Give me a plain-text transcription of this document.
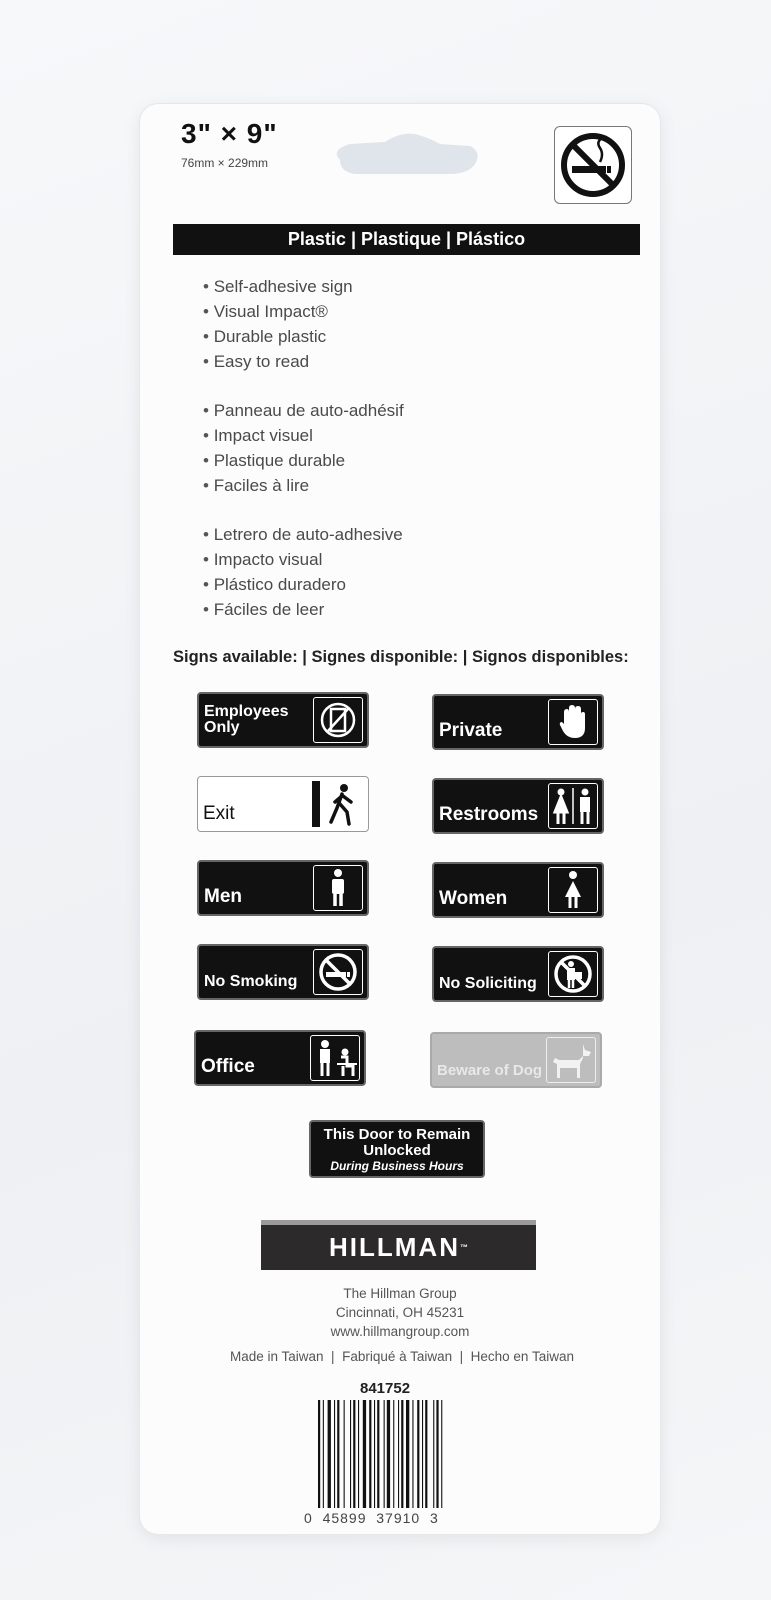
3" × 9"
76mm × 229mm
Plastic | Plastique | Plástico
• Self-adhesive sign
• Visual Impact®
• Durable plastic
• Easy to read
• Panneau de auto-adhésif
• Impact visuel
• Plastique durable
• Faciles à lire
• Letrero de auto-adhesive
• Impacto visual
• Plástico duradero
• Fáciles de leer
Signs available: | Signes disponible: | Signos disponibles:
Employees Only	Private
Exit	Restrooms
Men	Women
No Smoking	No Soliciting
Office	Beware of Dog
This Door to Remain
Unlocked
During Business Hours
HILLMAN ™
The Hillman Group
Cincinnati, OH 45231
www.hillmangroup.com
Made in Taiwan  |  Fabriqué à Taiwan  |  Hecho en Taiwan
841752
0  45899  37910  3
